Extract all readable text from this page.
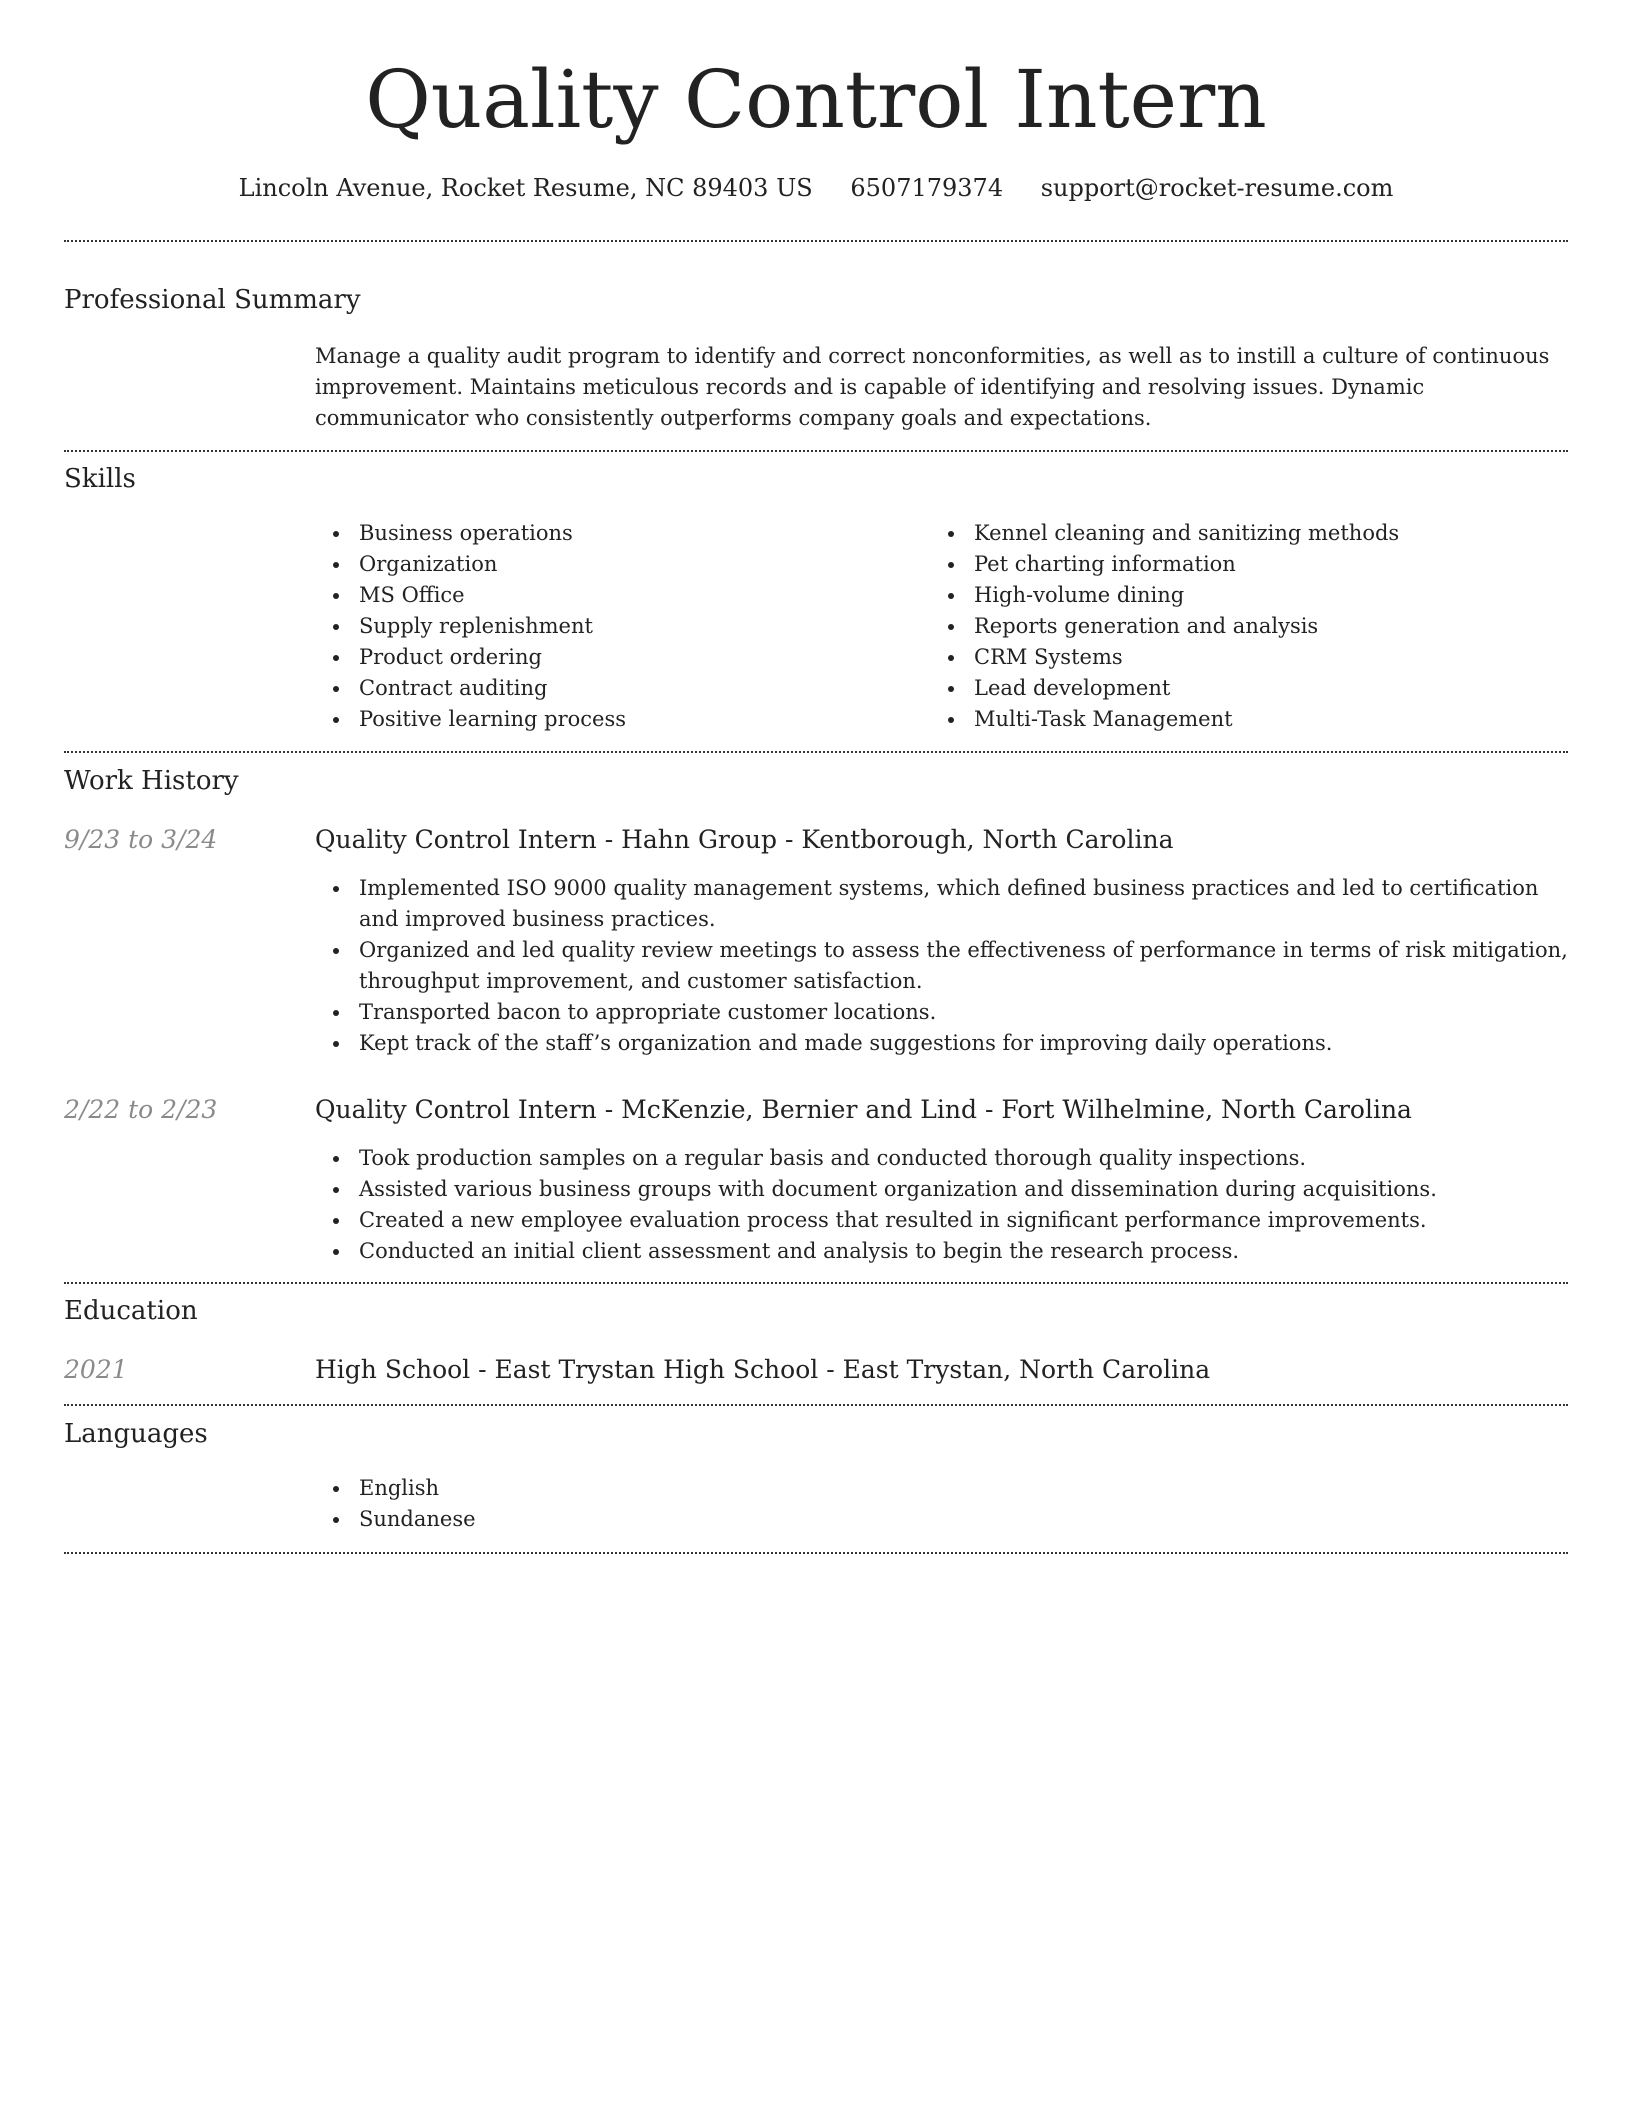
Quality Control Intern
Lincoln Avenue, Rocket Resume, NC 89403 US 6507179374 support@rocket-resume.com
Professional Summary
Manage a quality audit program to identify and correct nonconformities, as well as to instill a culture of continuous improvement. Maintains meticulous records and is capable of identifying and resolving issues. Dynamic communicator who consistently outperforms company goals and expectations.
Skills
Business operations
Organization
MS Office
Supply replenishment
Product ordering
Contract auditing
Positive learning process
Kennel cleaning and sanitizing methods
Pet charting information
High-volume dining
Reports generation and analysis
CRM Systems
Lead development
Multi-Task Management
Work History
9/23 to 3/24	Quality Control Intern - Hahn Group - Kentborough, North Carolina
Implemented ISO 9000 quality management systems, which defined business practices and led to certification and improved business practices.
Organized and led quality review meetings to assess the effectiveness of performance in terms of risk mitigation, throughput improvement, and customer satisfaction.
Transported bacon to appropriate customer locations.
Kept track of the staff’s organization and made suggestions for improving daily operations.
2/22 to 2/23	Quality Control Intern - McKenzie, Bernier and Lind - Fort Wilhelmine, North Carolina
Took production samples on a regular basis and conducted thorough quality inspections.
Assisted various business groups with document organization and dissemination during acquisitions.
Created a new employee evaluation process that resulted in significant performance improvements.
Conducted an initial client assessment and analysis to begin the research process.
Education
2021	High School - East Trystan High School - East Trystan, North Carolina
Languages
English
Sundanese
